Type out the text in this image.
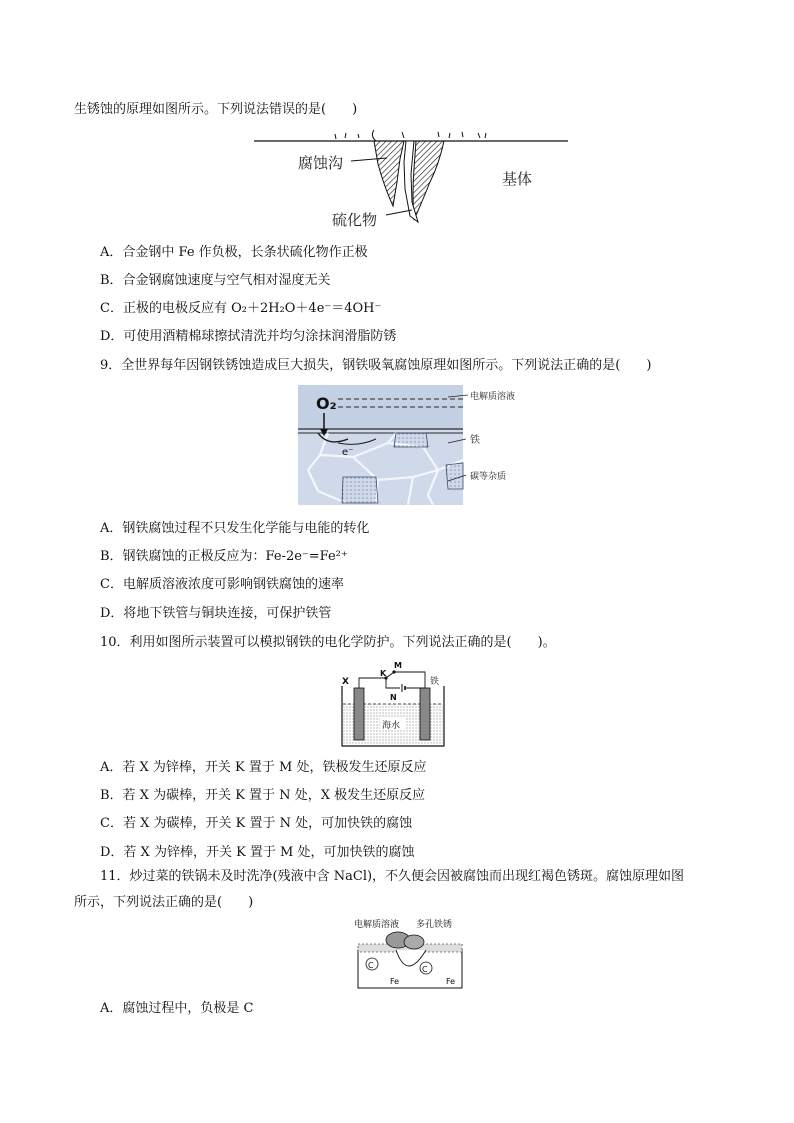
生锈蚀的原理如图所示。下列说法错误的是(　　)
腐蚀沟
基体
硫化物
A．合金钢中 Fe 作负极，长条状硫化物作正极
B．合金钢腐蚀速度与空气相对湿度无关
C．正极的电极反应有 O₂＋2H₂O＋4e⁻＝4OH⁻
D．可使用酒精棉球擦拭清洗并均匀涂抹润滑脂防锈
9．全世界每年因钢铁锈蚀造成巨大损失，钢铁吸氧腐蚀原理如图所示。下列说法正确的是(　　)
O₂
e⁻
电解质溶液
铁
碳等杂质
A．钢铁腐蚀过程不只发生化学能与电能的转化
B．钢铁腐蚀的正极反应为：Fe-2e⁻=Fe²⁺
C．电解质溶液浓度可影响钢铁腐蚀的速率
D．将地下铁管与铜块连接，可保护铁管
10．利用如图所示装置可以模拟钢铁的电化学防护。下列说法正确的是(　　)。
X
K
M
N
铁
海水
A．若 X 为锌棒，开关 K 置于 M 处，铁极发生还原反应
B．若 X 为碳棒，开关 K 置于 N 处，X 极发生还原反应
C．若 X 为碳棒，开关 K 置于 N 处，可加快铁的腐蚀
D．若 X 为锌棒，开关 K 置于 M 处，可加快铁的腐蚀
11．炒过菜的铁锅未及时洗净(残液中含 NaCl)，不久便会因被腐蚀而出现红褐色锈斑。腐蚀原理如图
所示，下列说法正确的是(　　)
电解质溶液 多孔铁锈
C	C
Fe	Fe
A．腐蚀过程中，负极是 C
